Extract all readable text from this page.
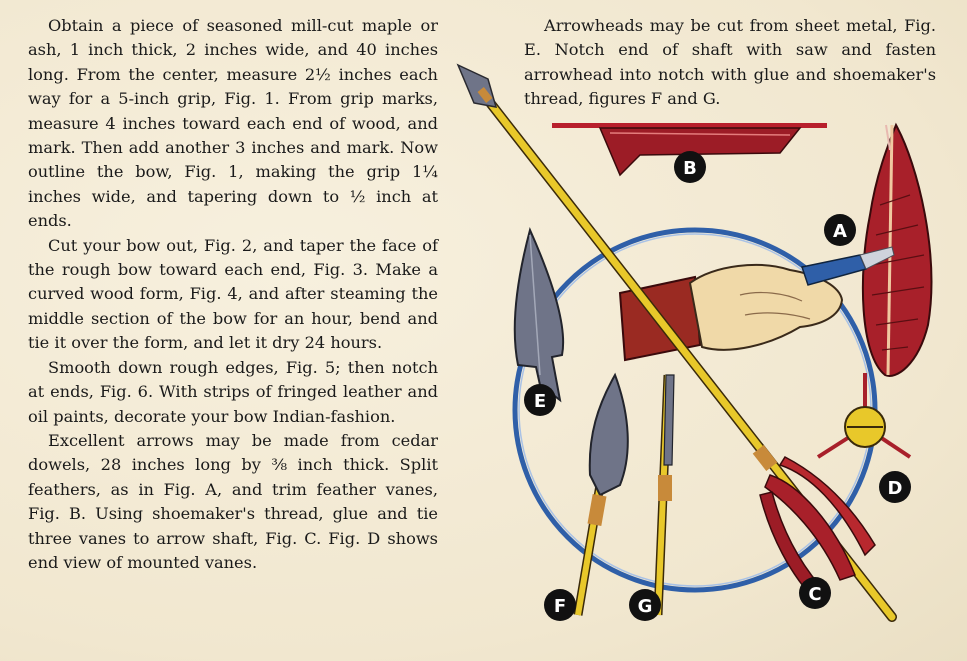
Obtain a piece of seasoned mill-cut maple or ash, 1 inch thick, 2 inches wide, and 40 inches long. From the center, measure 2½ inches each way for a 5-inch grip, Fig. 1. From grip marks, measure 4 inches toward each end of wood, and mark. Then add another 3 inches and mark. Now outline the bow, Fig. 1, making the grip 1¼ inches wide, and tapering down to ½ inch at ends.

Cut your bow out, Fig. 2, and taper the face of the rough bow toward each end, Fig. 3. Make a curved wood form, Fig. 4, and after steaming the middle section of the bow for an hour, bend and tie it over the form, and let it dry 24 hours.

Smooth down rough edges, Fig. 5; then notch at ends, Fig. 6. With strips of fringed leather and oil paints, decorate your bow Indian-fashion.

Excellent arrows may be made from cedar dowels, 28 inches long by ⅜ inch thick. Split feathers, as in Fig. A, and trim feather vanes, Fig. B. Using shoemaker's thread, glue and tie three vanes to arrow shaft, Fig. C. Fig. D shows end view of mounted vanes.

Arrowheads may be cut from sheet metal, Fig. E. Notch end of shaft with saw and fasten arrowhead into notch with glue and shoemaker's thread, figures F and G.

B
A
E
D
C
F	G
